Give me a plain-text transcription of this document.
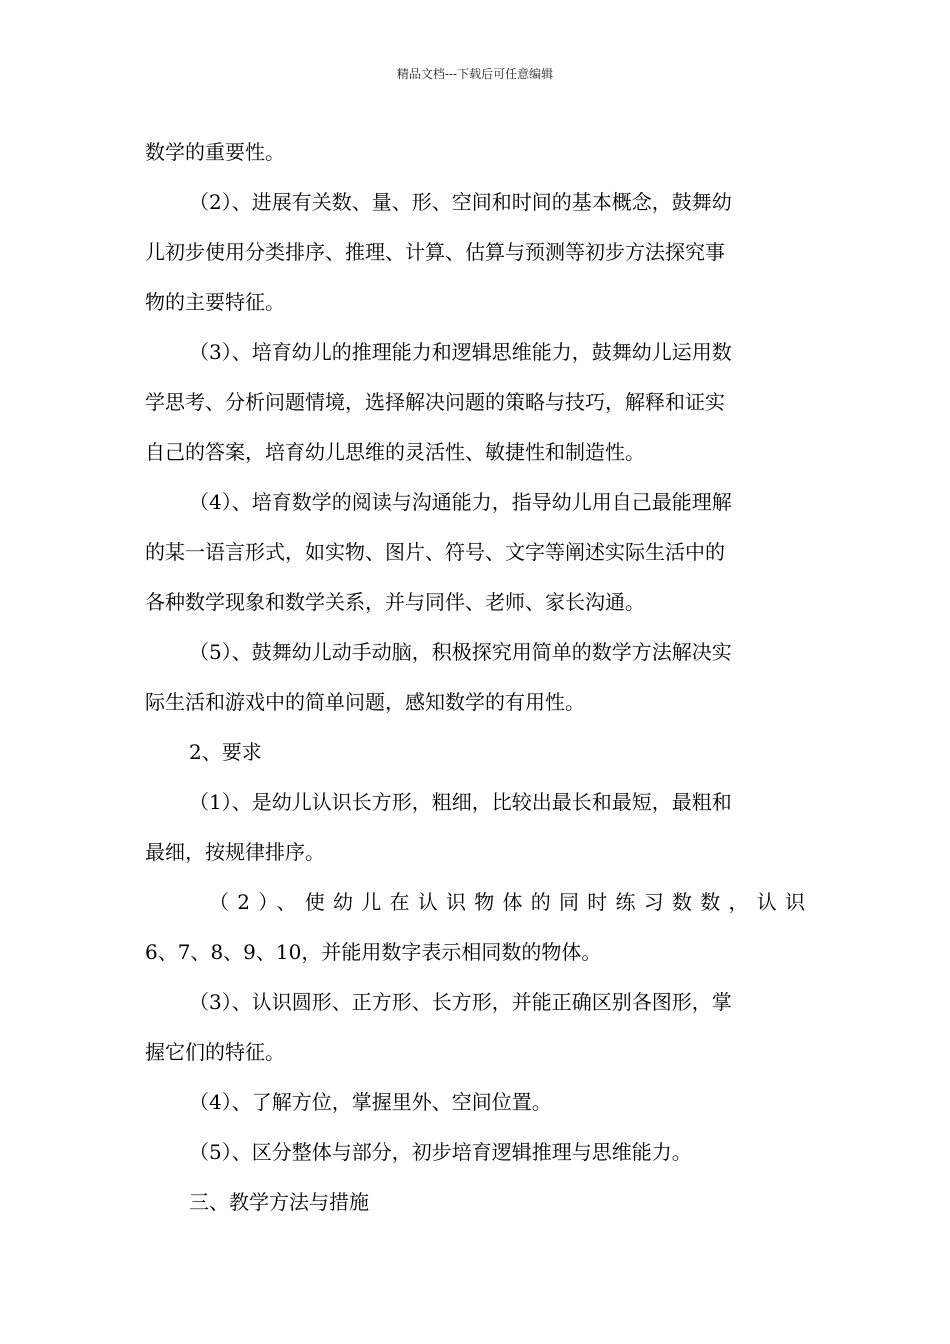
精品文档---下载后可任意编辑
数学的重要性。
（2）、进展有关数、量、形、空间和时间的基本概念，鼓舞幼
儿初步使用分类排序、推理、计算、估算与预测等初步方法探究事
物的主要特征。
（3）、培育幼儿的推理能力和逻辑思维能力，鼓舞幼儿运用数
学思考、分析问题情境，选择解决问题的策略与技巧，解释和证实
自己的答案，培育幼儿思维的灵活性、敏捷性和制造性。
（4）、培育数学的阅读与沟通能力，指导幼儿用自己最能理解
的某一语言形式，如实物、图片、符号、文字等阐述实际生活中的
各种数学现象和数学关系，并与同伴、老师、家长沟通。
（5）、鼓舞幼儿动手动脑，积极探究用简单的数学方法解决实
际生活和游戏中的简单问题，感知数学的有用性。
2、要求
（1）、是幼儿认识长方形，粗细，比较出最长和最短，最粗和
最细，按规律排序。
（2）、使幼儿在认识物体的同时练习数数，认识
6、7、8、9、10，并能用数字表示相同数的物体。
（3）、认识圆形、正方形、长方形，并能正确区别各图形，掌
握它们的特征。
（4）、了解方位，掌握里外、空间位置。
（5）、区分整体与部分，初步培育逻辑推理与思维能力。
三、教学方法与措施
